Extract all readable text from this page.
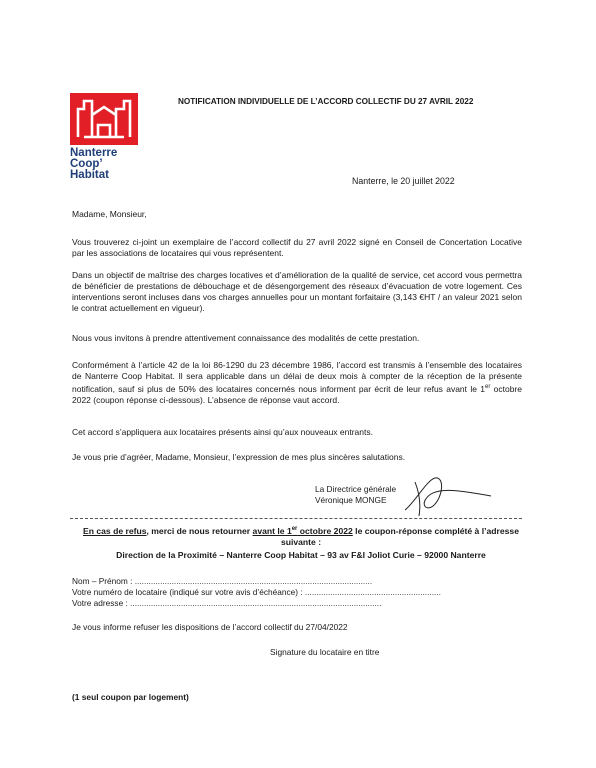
Nanterre
Coop’
Habitat
NOTIFICATION INDIVIDUELLE DE L’ACCORD COLLECTIF DU 27 AVRIL 2022
Nanterre, le 20 juillet 2022
Madame, Monsieur,
Vous trouverez ci-joint un exemplaire de l’accord collectif du 27 avril 2022 signé en Conseil de Concertation Locative par les associations de locataires qui vous représentent.
Dans un objectif de maîtrise des charges locatives et d’amélioration de la qualité de service, cet accord vous permettra de bénéficier de prestations de débouchage et de désengorgement des réseaux d’évacuation de votre logement. Ces interventions seront incluses dans vos charges annuelles pour un montant forfaitaire (3,143 €HT / an valeur 2021 selon le contrat actuellement en vigueur).
Nous vous invitons à prendre attentivement connaissance des modalités de cette prestation.
Conformément à l’article 42 de la loi 86-1290 du 23 décembre 1986, l’accord est transmis à l’ensemble des locataires de Nanterre Coop Habitat. Il sera applicable dans un délai de deux mois à compter de la réception de la présente notification, sauf si plus de 50% des locataires concernés nous informent par écrit de leur refus avant le 1er octobre 2022 (coupon réponse ci-dessous). L’absence de réponse vaut accord.
Cet accord s’appliquera aux locataires présents ainsi qu’aux nouveaux entrants.
Je vous prie d’agréer, Madame, Monsieur, l’expression de mes plus sincères salutations.
La Directrice générale
Véronique MONGE
En cas de refus, merci de nous retourner avant le 1er octobre 2022 le coupon-réponse complété à l’adresse suivante :
Direction de la Proximité – Nanterre Coop Habitat – 93 av F&I Joliot Curie – 92000 Nanterre
Nom – Prénom : .......................................................................................................
Votre numéro de locataire (indiqué sur votre avis d’échéance) : ...........................................................
Votre adresse : .............................................................................................................
Je vous informe refuser les dispositions de l’accord collectif du 27/04/2022
Signature du locataire en titre
(1 seul coupon par logement)
